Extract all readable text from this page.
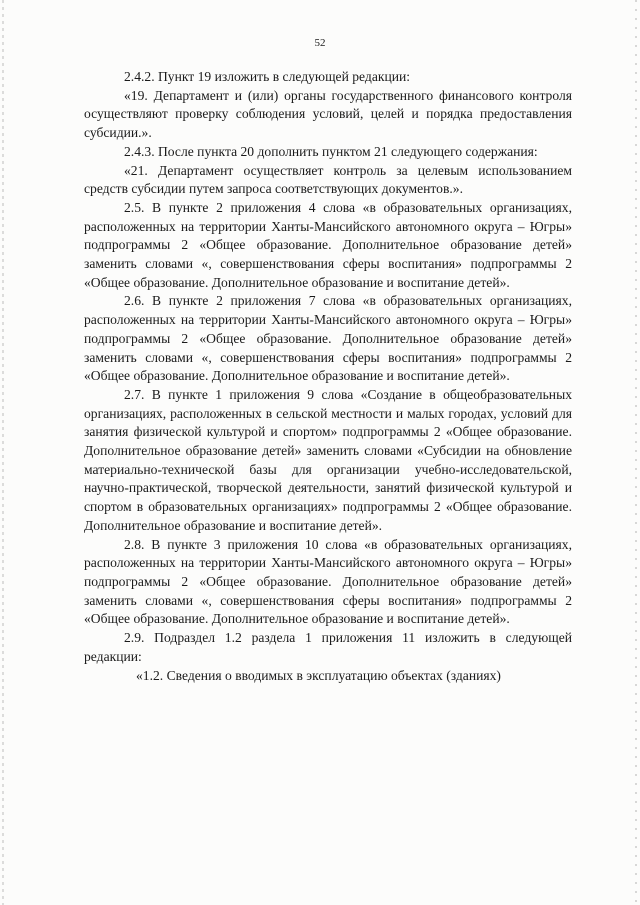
52

2.4.2. Пункт 19 изложить в следующей редакции:

«19. Департамент и (или) органы государственного финансового контроля осуществляют проверку соблюдения условий, целей и порядка предоставления субсидии.».

2.4.3. После пункта 20 дополнить пунктом 21 следующего содержания:

«21. Департамент осуществляет контроль за целевым использованием средств субсидии путем запроса соответствующих документов.».

2.5. В пункте 2 приложения 4 слова «в образовательных организациях, расположенных на территории Ханты-Мансийского автономного округа – Югры» подпрограммы 2 «Общее образование. Дополнительное образование детей» заменить словами «, совершенствования сферы воспитания» подпрограммы 2 «Общее образование. Дополнительное образование и воспитание детей».

2.6. В пункте 2 приложения 7 слова «в образовательных организациях, расположенных на территории Ханты-Мансийского автономного округа – Югры» подпрограммы 2 «Общее образование. Дополнительное образование детей» заменить словами «, совершенствования сферы воспитания» подпрограммы 2 «Общее образование. Дополнительное образование и воспитание детей».

2.7. В пункте 1 приложения 9 слова «Создание в общеобразовательных организациях, расположенных в сельской местности и малых городах, условий для занятия физической культурой и спортом» подпрограммы 2 «Общее образование. Дополнительное образование детей» заменить словами «Субсидии на обновление материально-технической базы для организации учебно-исследовательской, научно-практической, творческой деятельности, занятий физической культурой и спортом в образовательных организациях» подпрограммы 2 «Общее образование. Дополнительное образование и воспитание детей».

2.8. В пункте 3 приложения 10 слова «в образовательных организациях, расположенных на территории Ханты-Мансийского автономного округа – Югры» подпрограммы 2 «Общее образование. Дополнительное образование детей» заменить словами «, совершенствования сферы воспитания» подпрограммы 2 «Общее образование. Дополнительное образование и воспитание детей».

2.9. Подраздел 1.2 раздела 1 приложения 11 изложить в следующей редакции:

«1.2. Сведения о вводимых в эксплуатацию объектах (зданиях)
